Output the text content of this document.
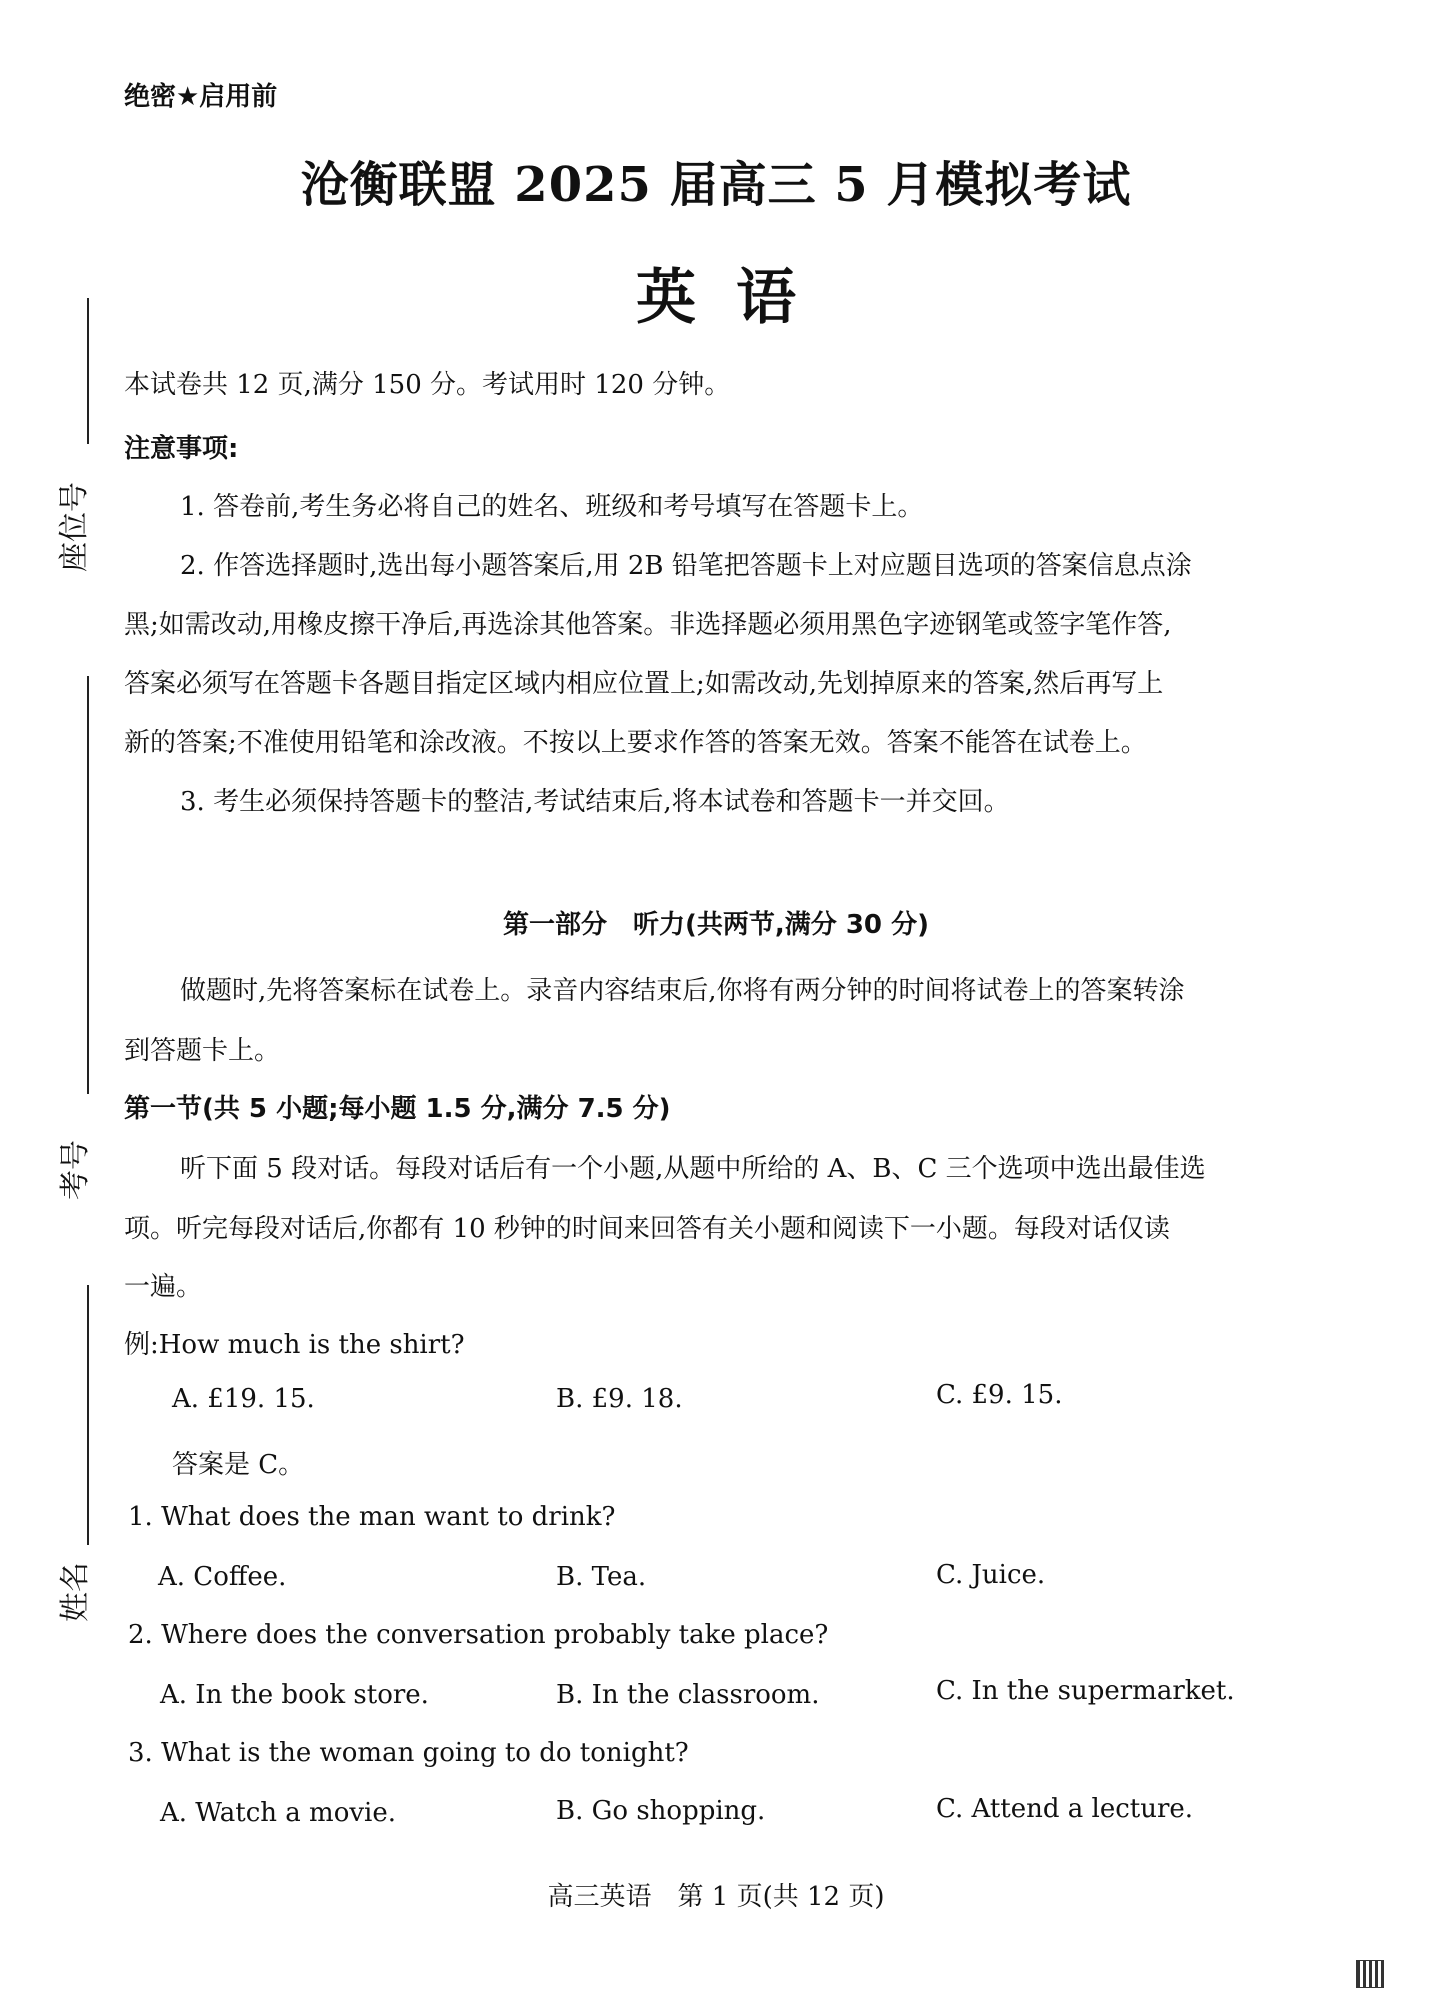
座位号
考号
姓名
绝密★启用前
沧衡联盟 2025 届高三 5 月模拟考试
英语
本试卷共 12 页,满分 150 分。考试用时 120 分钟。
注意事项:
1. 答卷前,考生务必将自己的姓名、班级和考号填写在答题卡上。
2. 作答选择题时,选出每小题答案后,用 2B 铅笔把答题卡上对应题目选项的答案信息点涂
黑;如需改动,用橡皮擦干净后,再选涂其他答案。非选择题必须用黑色字迹钢笔或签字笔作答,
答案必须写在答题卡各题目指定区域内相应位置上;如需改动,先划掉原来的答案,然后再写上
新的答案;不准使用铅笔和涂改液。不按以上要求作答的答案无效。答案不能答在试卷上。
3. 考生必须保持答题卡的整洁,考试结束后,将本试卷和答题卡一并交回。
第一部分　听力(共两节,满分 30 分)
做题时,先将答案标在试卷上。录音内容结束后,你将有两分钟的时间将试卷上的答案转涂
到答题卡上。
第一节(共 5 小题;每小题 1.5 分,满分 7.5 分)
听下面 5 段对话。每段对话后有一个小题,从题中所给的 A、B、C 三个选项中选出最佳选
项。听完每段对话后,你都有 10 秒钟的时间来回答有关小题和阅读下一小题。每段对话仅读
一遍。
例:How much is the shirt?
A. £19. 15.	B. £9. 18.	C. £9. 15.
答案是 C。
1. What does the man want to drink?
A. Coffee.	B. Tea.	C. Juice.
2. Where does the conversation probably take place?
A. In the book store.	B. In the classroom.	C. In the supermarket.
3. What is the woman going to do tonight?
A. Watch a movie.	B. Go shopping.	C. Attend a lecture.
高三英语　第 1 页(共 12 页)
